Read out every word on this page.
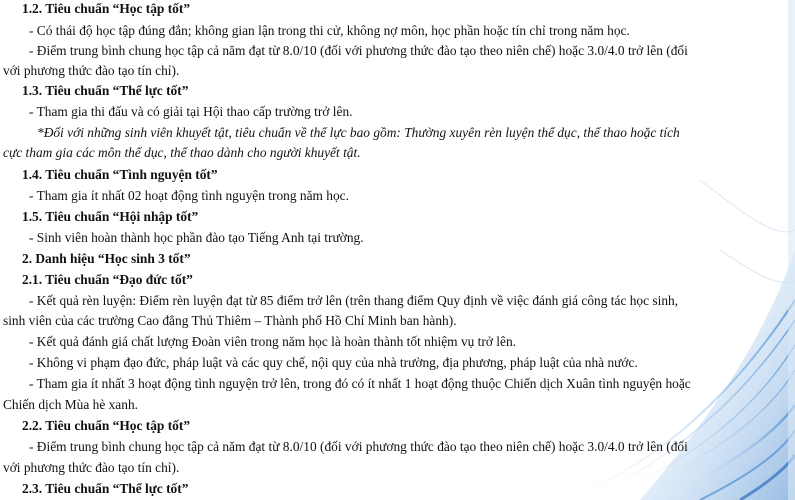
1.2. Tiêu chuẩn “Học tập tốt”
- Có thái độ học tập đúng đắn; không gian lận trong thi cử, không nợ môn, học phần hoặc tín chỉ trong năm học.
- Điểm trung bình chung học tập cả năm đạt từ 8.0/10 (đối với phương thức đào tạo theo niên chế) hoặc 3.0/4.0 trở lên (đối
với phương thức đào tạo tín chỉ).
1.3. Tiêu chuẩn “Thể lực tốt”
- Tham gia thi đấu và có giải tại Hội thao cấp trường trở lên.
*Đối với những sinh viên khuyết tật, tiêu chuẩn về thể lực bao gồm: Thường xuyên rèn luyện thể dục, thể thao hoặc tích
cực tham gia các môn thể dục, thể thao dành cho người khuyết tật.
1.4. Tiêu chuẩn “Tình nguyện tốt”
- Tham gia ít nhất 02 hoạt động tình nguyện trong năm học.
1.5. Tiêu chuẩn “Hội nhập tốt”
- Sinh viên hoàn thành học phần đào tạo Tiếng Anh tại trường.
2. Danh hiệu “Học sinh 3 tốt”
2.1. Tiêu chuẩn “Đạo đức tốt”
- Kết quả rèn luyện: Điểm rèn luyện đạt từ 85 điểm trở lên (trên thang điểm Quy định về việc đánh giá công tác học sinh,
sinh viên của các trường Cao đẳng Thủ Thiêm – Thành phố Hồ Chí Minh ban hành).
- Kết quả đánh giá chất lượng Đoàn viên trong năm học là hoàn thành tốt nhiệm vụ trở lên.
- Không vi phạm đạo đức, pháp luật và các quy chế, nội quy của nhà trường, địa phương, pháp luật của nhà nước.
- Tham gia ít nhất 3 hoạt động tình nguyện trở lên, trong đó có ít nhất 1 hoạt động thuộc Chiến dịch Xuân tình nguyện hoặc
Chiến dịch Mùa hè xanh.
2.2. Tiêu chuẩn “Học tập tốt”
- Điểm trung bình chung học tập cả năm đạt từ 8.0/10 (đối với phương thức đào tạo theo niên chế) hoặc 3.0/4.0 trở lên (đối
với phương thức đào tạo tín chỉ).
2.3. Tiêu chuẩn “Thể lực tốt”
